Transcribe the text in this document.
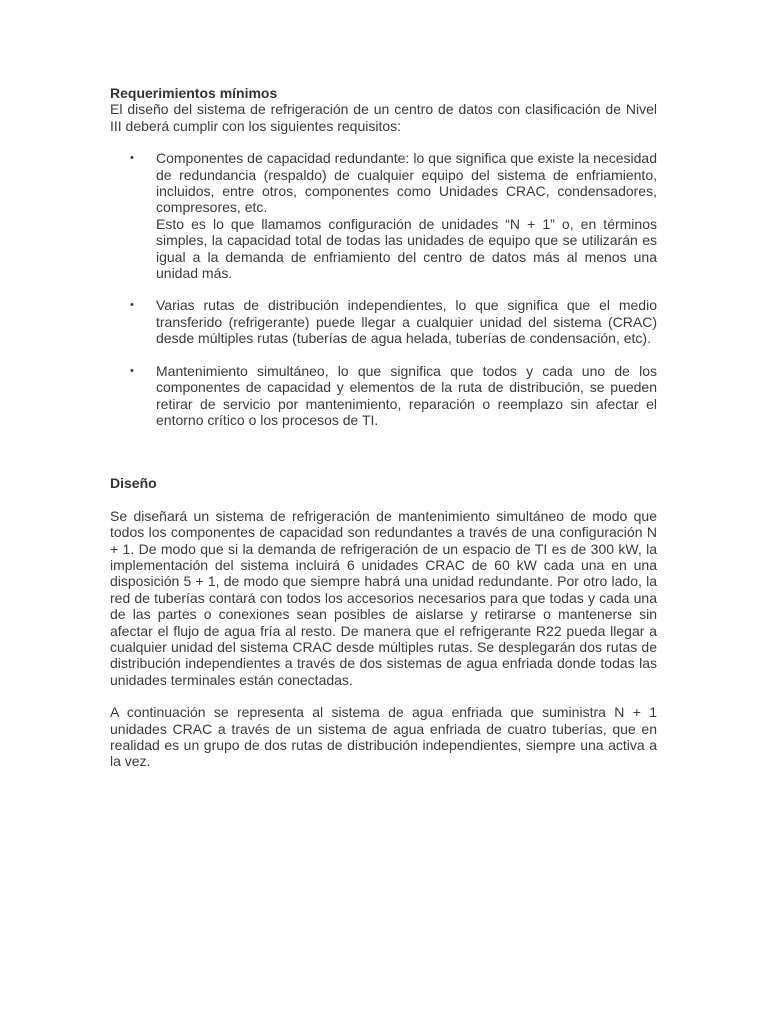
Requerimientos mínimos

El diseño del sistema de refrigeración de un centro de datos con clasificación de Nivel III deberá cumplir con los siguientes requisitos:

• Componentes de capacidad redundante: lo que significa que existe la necesidad de redundancia (respaldo) de cualquier equipo del sistema de enfriamiento, incluidos, entre otros, componentes como Unidades CRAC, condensadores, compresores, etc.

Esto es lo que llamamos configuración de unidades “N + 1” o, en términos simples, la capacidad total de todas las unidades de equipo que se utilizarán es igual a la demanda de enfriamiento del centro de datos más al menos una unidad más.

• Varias rutas de distribución independientes, lo que significa que el medio transferido (refrigerante) puede llegar a cualquier unidad del sistema (CRAC) desde múltiples rutas (tuberías de agua helada, tuberías de condensación, etc).

• Mantenimiento simultáneo, lo que significa que todos y cada uno de los componentes de capacidad y elementos de la ruta de distribución, se pueden retirar de servicio por mantenimiento, reparación o reemplazo sin afectar el entorno crítico o los procesos de TI.

Diseño

Se diseñará un sistema de refrigeración de mantenimiento simultáneo de modo que todos los componentes de capacidad son redundantes a través de una configuración N + 1. De modo que si la demanda de refrigeración de un espacio de TI es de 300 kW, la implementación del sistema incluirá 6 unidades CRAC de 60 kW cada una en una disposición 5 + 1, de modo que siempre habrá una unidad redundante. Por otro lado, la red de tuberías contará con todos los accesorios necesarios para que todas y cada una de las partes o conexiones sean posibles de aislarse y retirarse o mantenerse sin afectar el flujo de agua fría al resto. De manera que el refrigerante R22 pueda llegar a cualquier unidad del sistema CRAC desde múltiples rutas. Se desplegarán dos rutas de distribución independientes a través de dos sistemas de agua enfriada donde todas las unidades terminales están conectadas.

A continuación se representa al sistema de agua enfriada que suministra N + 1 unidades CRAC a través de un sistema de agua enfriada de cuatro tuberías, que en realidad es un grupo de dos rutas de distribución independientes, siempre una activa a la vez.
